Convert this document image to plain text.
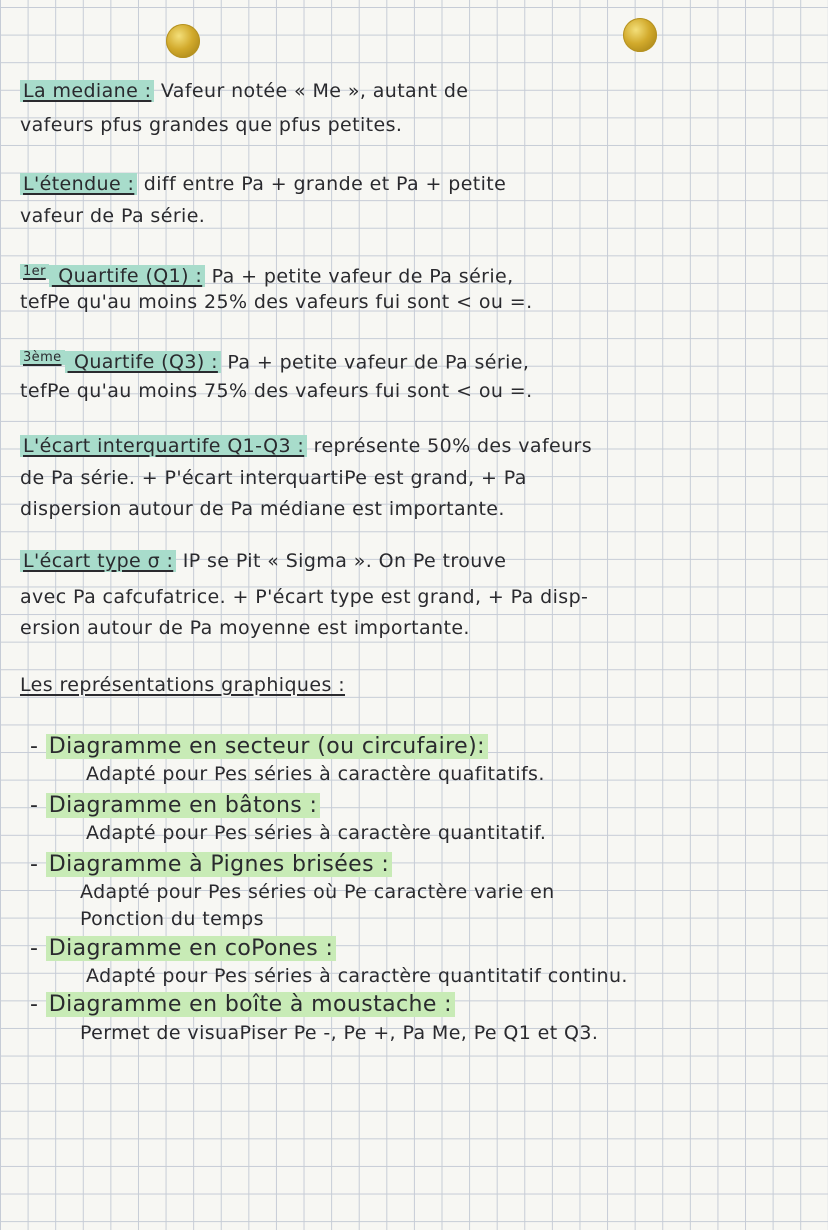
La mediane : Vafeur notée « Me », autant de
vafeurs pfus grandes que pfus petites.
L'étendue : diff entre Pa + grande et Pa + petite
vafeur de Pa série.
$^{1er}$ Quartife (Q1) : Pa + petite vafeur de Pa série,
tefPe qu'au moins 25% des vafeurs fui sont < ou =.
$^{3ème}$ Quartife (Q3) : Pa + petite vafeur de Pa série,
tefPe qu'au moins 75% des vafeurs fui sont < ou =.
L'écart interquartife Q1-Q3 : représente 50% des vafeurs
de Pa série. + P'écart interquartiPe est grand, + Pa
dispersion autour de Pa médiane est importante.
L'écart type σ : IP se Pit « Sigma ». On Pe trouve
avec Pa cafcufatrice. + P'écart type est grand, + Pa disp-
ersion autour de Pa moyenne est importante.
Les représentations graphiques :
- Diagramme en secteur (ou circufaire):
Adapté pour Pes séries à caractère quafitatifs.
- Diagramme en bâtons :
Adapté pour Pes séries à caractère quantitatif.
- Diagramme à Pignes brisées :
Adapté pour Pes séries où Pe caractère varie en
Ponction du temps
- Diagramme en coPones :
Adapté pour Pes séries à caractère quantitatif continu.
- Diagramme en boîte à moustache :
Permet de visuaPiser Pe -, Pe +, Pa Me, Pe Q1 et Q3.
